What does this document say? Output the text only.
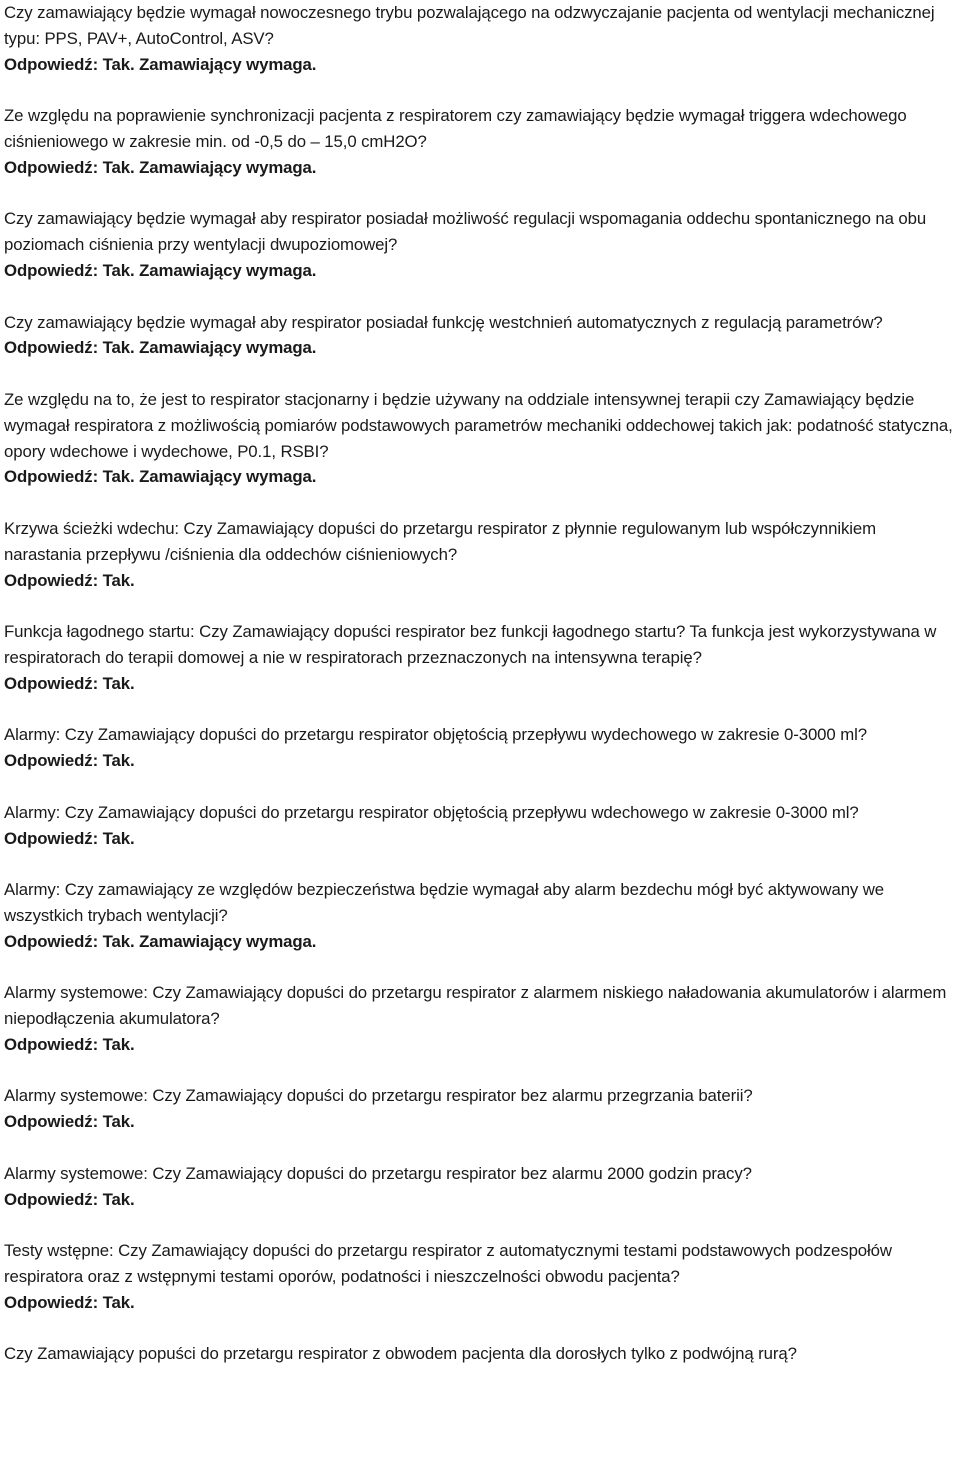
Czy zamawiający będzie wymagał nowoczesnego trybu pozwalającego na odzwyczajanie pacjenta od wentylacji mechanicznej typu: PPS, PAV+, AutoControl, ASV?
Odpowiedź: Tak. Zamawiający wymaga.
Ze względu na poprawienie synchronizacji pacjenta z respiratorem czy zamawiający będzie wymagał triggera wdechowego ciśnieniowego w zakresie min. od -0,5 do – 15,0 cmH2O?
Odpowiedź: Tak. Zamawiający wymaga.
Czy zamawiający będzie wymagał aby respirator posiadał możliwość regulacji wspomagania oddechu spontanicznego na obu poziomach ciśnienia przy wentylacji dwupoziomowej?
Odpowiedź: Tak. Zamawiający wymaga.
Czy zamawiający będzie wymagał aby respirator posiadał funkcję westchnień automatycznych z regulacją parametrów?
Odpowiedź: Tak. Zamawiający wymaga.
Ze względu na to, że jest to respirator stacjonarny i będzie używany na oddziale intensywnej terapii czy Zamawiający będzie wymagał respiratora z możliwością pomiarów podstawowych parametrów mechaniki oddechowej takich jak: podatność statyczna, opory wdechowe i wydechowe, P0.1, RSBI?
Odpowiedź: Tak. Zamawiający wymaga.
Krzywa ścieżki wdechu: Czy Zamawiający dopuści do przetargu respirator z płynnie regulowanym lub współczynnikiem narastania przepływu /ciśnienia dla oddechów ciśnieniowych?
Odpowiedź: Tak.
Funkcja łagodnego startu: Czy Zamawiający dopuści respirator bez funkcji łagodnego startu? Ta funkcja jest wykorzystywana w respiratorach do terapii domowej a nie w respiratorach przeznaczonych na intensywna terapię?
Odpowiedź: Tak.
Alarmy: Czy Zamawiający dopuści do przetargu respirator objętością przepływu wydechowego w zakresie 0-3000 ml?
Odpowiedź: Tak.
Alarmy: Czy Zamawiający dopuści do przetargu respirator objętością przepływu wdechowego w zakresie 0-3000 ml?
Odpowiedź: Tak.
Alarmy: Czy zamawiający ze względów bezpieczeństwa będzie wymagał aby alarm bezdechu mógł być aktywowany we wszystkich trybach wentylacji?
Odpowiedź: Tak. Zamawiający wymaga.
Alarmy systemowe: Czy Zamawiający dopuści do przetargu respirator z alarmem niskiego naładowania akumulatorów i alarmem niepodłączenia akumulatora?
Odpowiedź: Tak.
Alarmy systemowe: Czy Zamawiający dopuści do przetargu respirator bez alarmu przegrzania baterii?
Odpowiedź: Tak.
Alarmy systemowe: Czy Zamawiający dopuści do przetargu respirator bez alarmu 2000 godzin pracy?
Odpowiedź: Tak.
Testy wstępne: Czy Zamawiający dopuści do przetargu respirator z automatycznymi testami podstawowych podzespołów respiratora oraz z wstępnymi testami oporów, podatności i nieszczelności obwodu pacjenta?
Odpowiedź: Tak.
Czy Zamawiający popuści do przetargu respirator z obwodem pacjenta dla dorosłych tylko z podwójną rurą?
